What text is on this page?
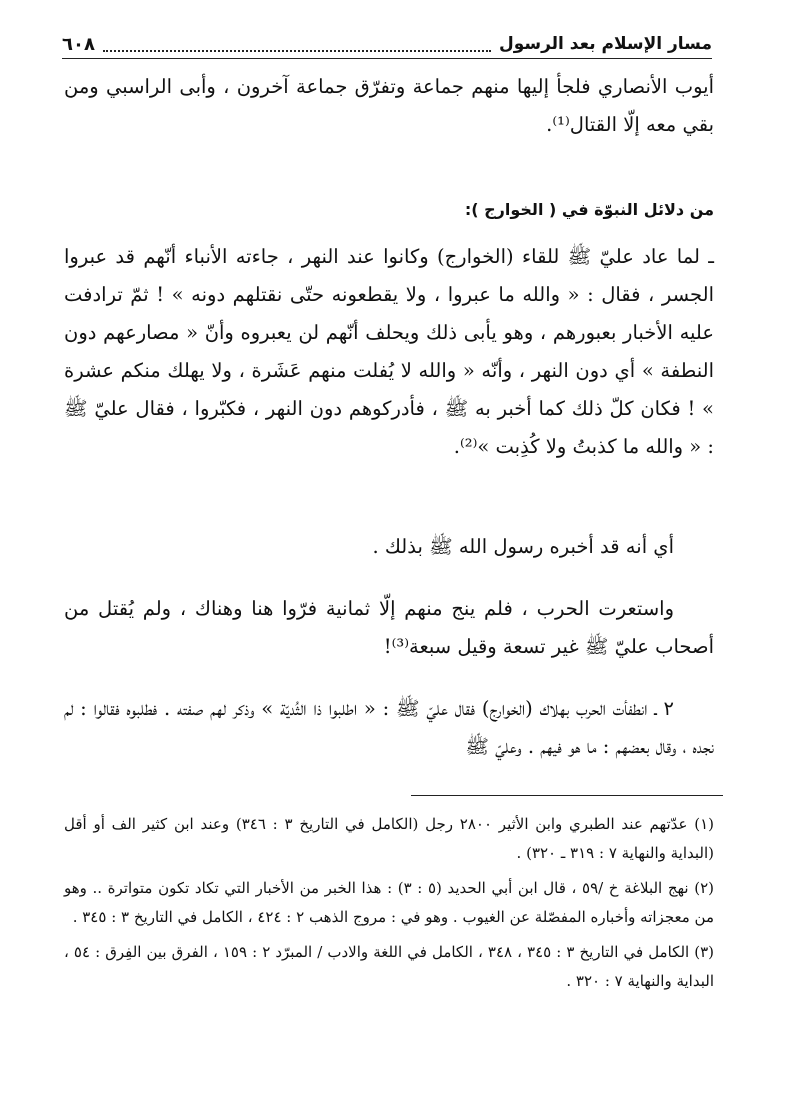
مسار الإسلام بعد الرسول
٦٠٨
أيوب الأنصاري فلجأ إليها منهم جماعة وتفرّق جماعة آخرون ، وأبى الراسبي ومن بقي معه إلّا القتال⁽¹⁾.
من دلائل النبوّة في ( الخوارج ):
ـ لما عاد عليّ ﷺ للقاء (الخوارج) وكانوا عند النهر ، جاءته الأنباء أنّهم قد عبروا الجسر ، فقال : « والله ما عبروا ، ولا يقطعونه حتّى نقتلهم دونه » ! ثمّ ترادفت عليه الأخبار بعبورهم ، وهو يأبى ذلك ويحلف أنّهم لن يعبروه وأنّ « مصارعهم دون النطفة » أي دون النهر ، وأنّه « والله لا يُفلت منهم عَشَرة ، ولا يهلك منكم عشرة » ! فكان كلّ ذلك كما أخبر به ﷺ ، فأدركوهم دون النهر ، فكبّروا ، فقال عليّ ﷺ : « والله ما كذبتُ ولا كُذِبت »⁽²⁾.
أي أنه قد أخبره رسول الله ﷺ بذلك .
واستعرت الحرب ، فلم ينج منهم إلّا ثمانية فرّوا هنا وهناك ، ولم يُقتل من أصحاب عليّ ﷺ غير تسعة وقيل سبعة⁽³⁾!
٢ ـ انطفأت الحرب بهلاك (الخوارج) فقال عليّ ﷺ : « اطلبوا ذا الثُديّة » وذكر لهم صفته . فطلبوه فقالوا : لم نجده ، وقال بعضهم : ما هو فيهم . وعليّ ﷺ
(١) عدّتهم عند الطبري وابن الأثير ٢٨٠٠ رجل (الكامل في التاريخ ٣ : ٣٤٦) وعند ابن كثير الف أو أقل (البداية والنهاية ٧ : ٣١٩ ـ ٣٢٠) .
(٢) نهج البلاغة خ /٥٩ ، قال ابن أبي الحديد (٥ : ٣) : هذا الخبر من الأخبار التي تكاد تكون متواترة .. وهو من معجزاته وأخباره المفصّلة عن الغيوب . وهو في : مروج الذهب ٢ : ٤٢٤ ، الكامل في التاريخ ٣ : ٣٤٥ .
(٣) الكامل في التاريخ ٣ : ٣٤٥ ، ٣٤٨ ، الكامل في اللغة والادب / المبرّد ٢ : ١٥٩ ، الفرق بين الفِرق : ٥٤ ، البداية والنهاية ٧ : ٣٢٠ .
